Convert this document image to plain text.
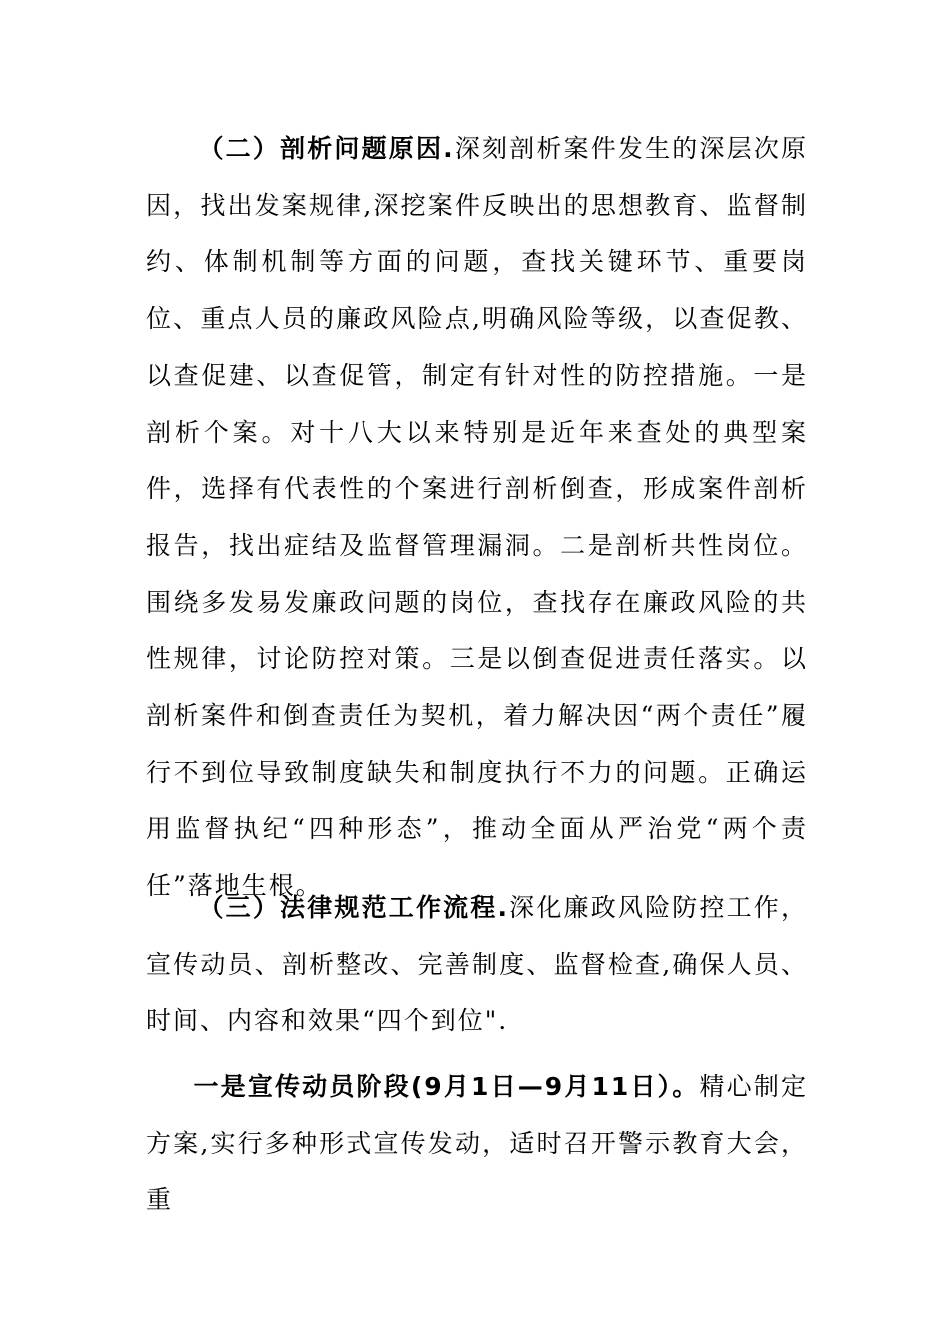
（二）剖析问题原因.深刻剖析案件发生的深层次原因，找出发案规律,深挖案件反映出的思想教育、监督制约、体制机制等方面的问题，查找关键环节、重要岗位、重点人员的廉政风险点,明确风险等级，以查促教、以查促建、以查促管，制定有针对性的防控措施。一是剖析个案。对十八大以来特别是近年来查处的典型案件，选择有代表性的个案进行剖析倒查，形成案件剖析报告，找出症结及监督管理漏洞。二是剖析共性岗位。围绕多发易发廉政问题的岗位，查找存在廉政风险的共性规律，讨论防控对策。三是以倒查促进责任落实。以剖析案件和倒查责任为契机，着力解决因“两个责任”履行不到位导致制度缺失和制度执行不力的问题。正确运用监督执纪“四种形态”，推动全面从严治党“两个责任”落地生根。

（三）法律规范工作流程.深化廉政风险防控工作，宣传动员、剖析整改、完善制度、监督检查,确保人员、时间、内容和效果“四个到位".

一是宣传动员阶段(9月1日—9月11日）。精心制定方案,实行多种形式宣传发动，适时召开警示教育大会，重
